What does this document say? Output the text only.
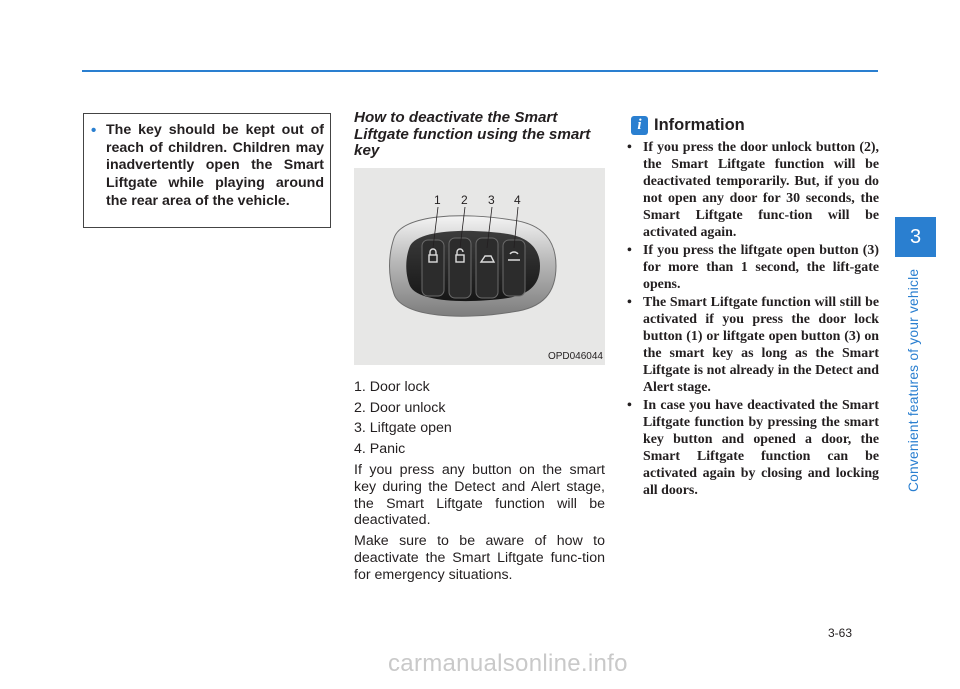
• The key should be kept out of reach of children. Children may inadvertently open the Smart Liftgate while playing around the rear area of the vehicle.
How to deactivate the Smart Liftgate function using the smart key
1 2 3 4
OPD046044
1. Door lock
2. Door unlock
3. Liftgate open
4. Panic
If you press any button on the smart key during the Detect and Alert stage, the Smart Liftgate function will be deactivated.
Make sure to be aware of how to deactivate the Smart Liftgate func-tion for emergency situations.
i Information
• If you press the door unlock button (2), the Smart Liftgate function will be deactivated temporarily. But, if you do not open any door for 30 seconds, the Smart Liftgate func-tion will be activated again.
• If you press the liftgate open button (3) for more than 1 second, the lift-gate opens.
• The Smart Liftgate function will still be activated if you press the door lock button (1) or liftgate open button (3) on the smart key as long as the Smart Liftgate is not already in the Detect and Alert stage.
• In case you have deactivated the Smart Liftgate function by pressing the smart key button and opened a door, the Smart Liftgate function can be activated again by closing and locking all doors.
3
Convenient features of your vehicle
3-63
carmanualsonline.info
